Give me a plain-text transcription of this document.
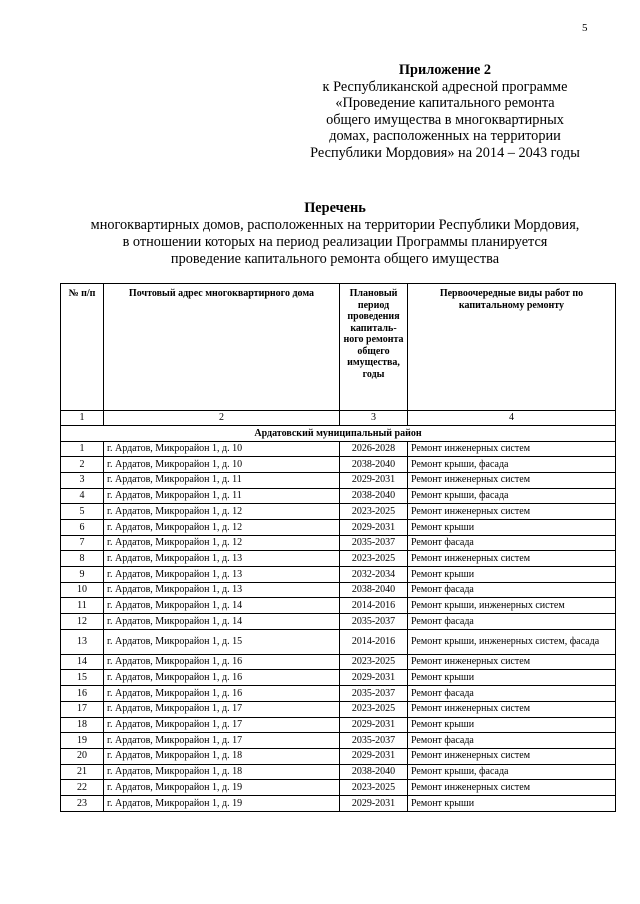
5
Приложение 2
к Республиканской адресной программе
«Проведение капитального ремонта
общего имущества в многоквартирных
домах, расположенных на территории
Республики Мордовия» на 2014 – 2043 годы
Перечень
многоквартирных домов, расположенных на территории Республики Мордовия,
в отношении которых на период реализации Программы планируется
проведение капитального ремонта общего имущества
№ п/п	Почтовый адрес многоквартирного дома	Плановый период проведения капиталь-ного ремонта общего имущества, годы	Первоочередные виды работ по капитальному ремонту
1	2	3	4
Ардатовский муниципальный район			
1	г. Ардатов, Микрорайон 1, д. 10	2026-2028	Ремонт инженерных систем
2	г. Ардатов, Микрорайон 1, д. 10	2038-2040	Ремонт крыши, фасада
3	г. Ардатов, Микрорайон 1, д. 11	2029-2031	Ремонт инженерных систем
4	г. Ардатов, Микрорайон 1, д. 11	2038-2040	Ремонт крыши, фасада
5	г. Ардатов, Микрорайон 1, д. 12	2023-2025	Ремонт инженерных систем
6	г. Ардатов, Микрорайон 1, д. 12	2029-2031	Ремонт крыши
7	г. Ардатов, Микрорайон 1, д. 12	2035-2037	Ремонт фасада
8	г. Ардатов, Микрорайон 1, д. 13	2023-2025	Ремонт инженерных систем
9	г. Ардатов, Микрорайон 1, д. 13	2032-2034	Ремонт крыши
10	г. Ардатов, Микрорайон 1, д. 13	2038-2040	Ремонт фасада
11	г. Ардатов, Микрорайон 1, д. 14	2014-2016	Ремонт крыши, инженерных систем
12	г. Ардатов, Микрорайон 1, д. 14	2035-2037	Ремонт фасада
13	г. Ардатов, Микрорайон 1, д. 15	2014-2016	Ремонт крыши, инженерных систем, фасада
14	г. Ардатов, Микрорайон 1, д. 16	2023-2025	Ремонт инженерных систем
15	г. Ардатов, Микрорайон 1, д. 16	2029-2031	Ремонт крыши
16	г. Ардатов, Микрорайон 1, д. 16	2035-2037	Ремонт фасада
17	г. Ардатов, Микрорайон 1, д. 17	2023-2025	Ремонт инженерных систем
18	г. Ардатов, Микрорайон 1, д. 17	2029-2031	Ремонт крыши
19	г. Ардатов, Микрорайон 1, д. 17	2035-2037	Ремонт фасада
20	г. Ардатов, Микрорайон 1, д. 18	2029-2031	Ремонт инженерных систем
21	г. Ардатов, Микрорайон 1, д. 18	2038-2040	Ремонт крыши, фасада
22	г. Ардатов, Микрорайон 1, д. 19	2023-2025	Ремонт инженерных систем
23	г. Ардатов, Микрорайон 1, д. 19	2029-2031	Ремонт крыши
